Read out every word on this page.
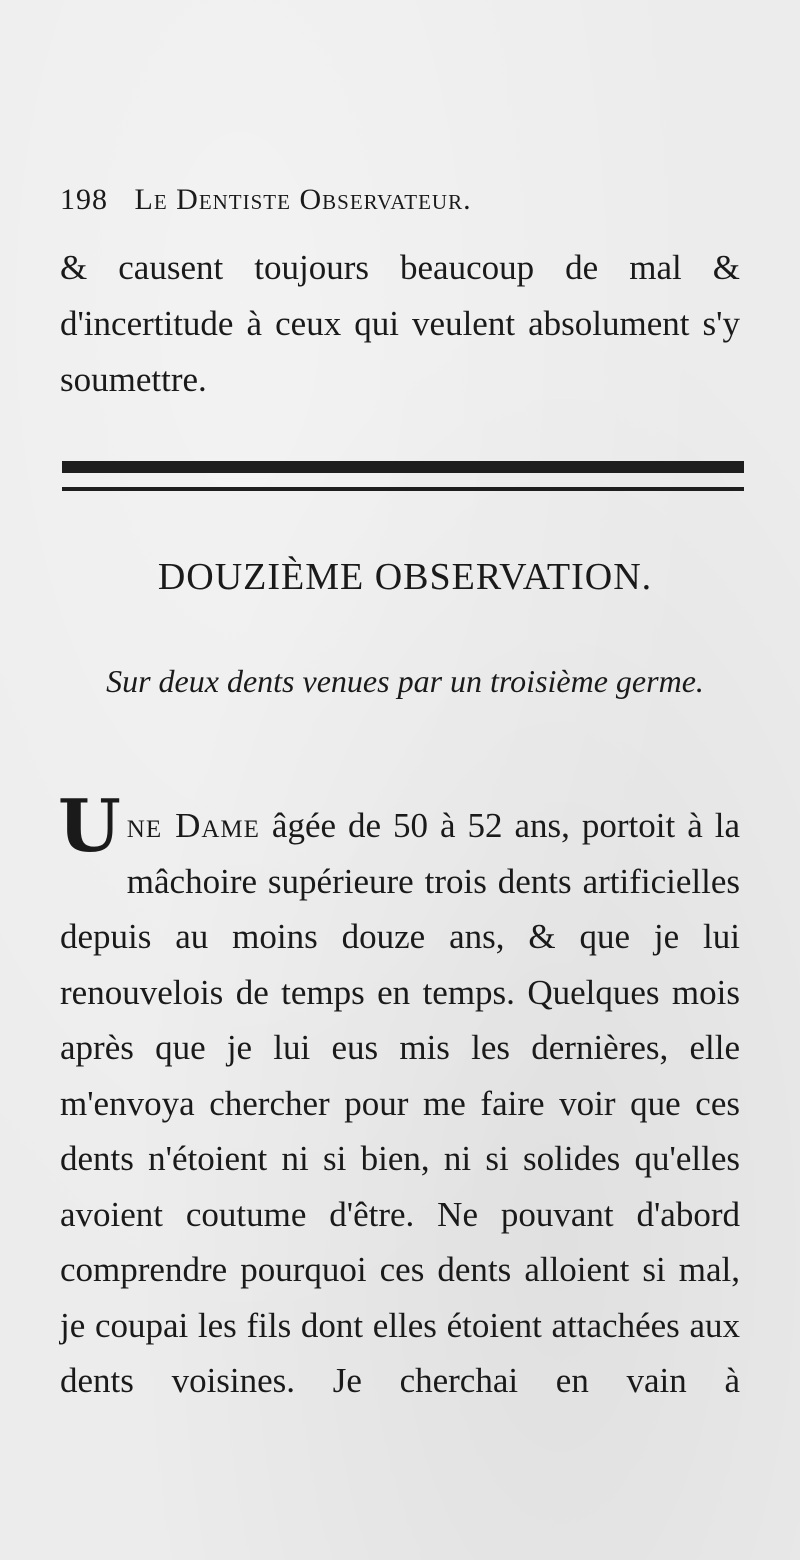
198 Le Dentiste Observateur.
& causent toujours beaucoup de mal & d'incertitude à ceux qui veulent absolument s'y soumettre.
DOUZIÈME OBSERVATION.
Sur deux dents venues par un troisième germe.
U ne Dame âgée de 50 à 52 ans, portoit à la mâchoire supérieure trois dents artificielles depuis au moins douze ans, & que je lui renouvelois de temps en temps. Quelques mois après que je lui eus mis les dernières, elle m'envoya chercher pour me faire voir que ces dents n'étoient ni si bien, ni si solides qu'elles avoient coutume d'être. Ne pouvant d'abord comprendre pourquoi ces dents alloient si mal, je coupai les fils dont elles étoient attachées aux dents voisines. Je cherchai en vain à
